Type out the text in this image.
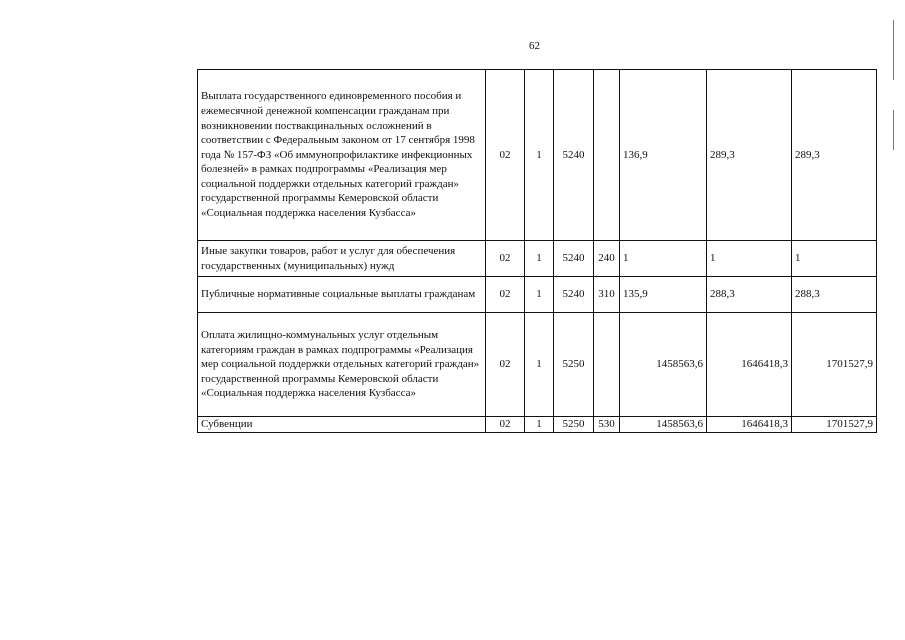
62
Выплата государственного единовременного пособия и ежемесячной денежной компенсации гражданам при возникновении поствакцинальных осложнений в соответствии с Федеральным законом от 17 сентября 1998 года № 157-ФЗ «Об иммунопрофилактике инфекционных болезней» в рамках подпрограммы «Реализация мер социальной поддержки отдельных категорий граждан» государственной программы Кемеровской области «Социальная поддержка населения Кузбасса»	02	1	5240		136,9	289,3	289,3
Иные закупки товаров, работ и услуг для обеспечения государственных (муниципальных) нужд	02	1	5240	240	1	1	1
Публичные нормативные социальные выплаты гражданам	02	1	5240	310	135,9	288,3	288,3
Оплата жилищно-коммунальных услуг отдельным категориям граждан в рамках подпрограммы «Реализация мер социальной поддержки отдельных категорий граждан» государственной программы Кемеровской области «Социальная поддержка населения Кузбасса»	02	1	5250		1458563,6	1646418,3	1701527,9
Субвенции	02	1	5250	530	1458563,6	1646418,3	1701527,9
